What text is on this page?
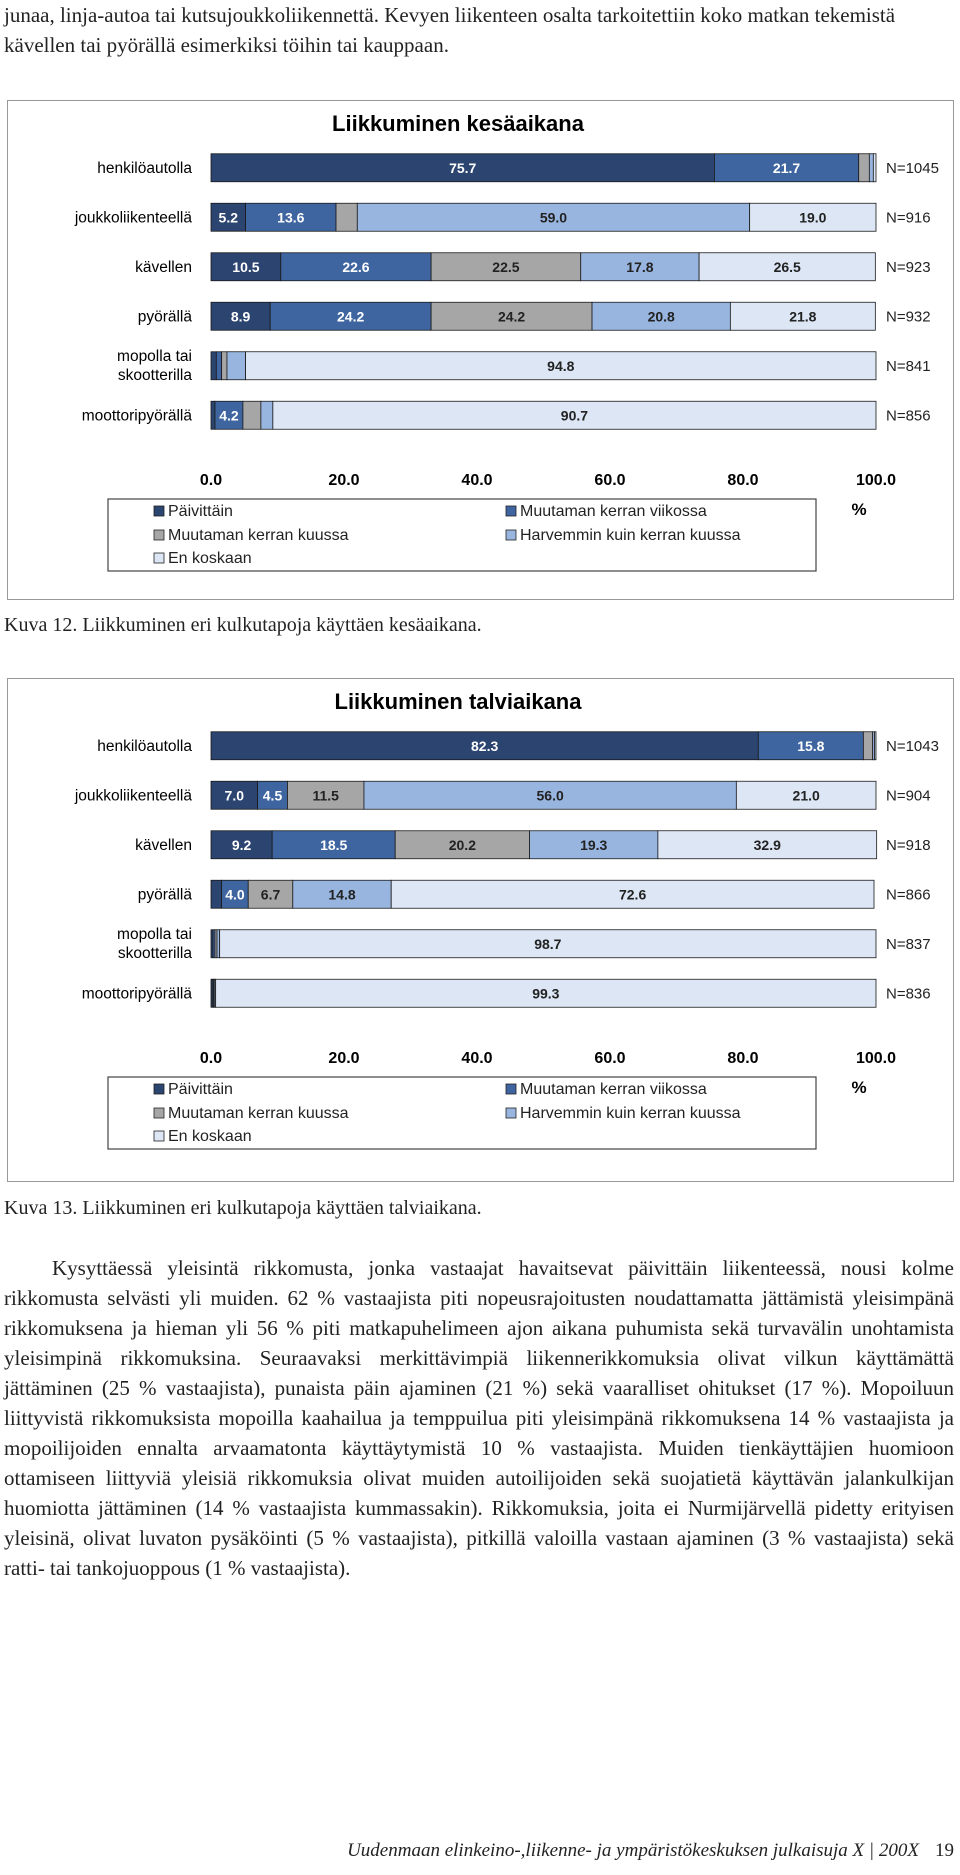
junaa, linja-autoa tai kutsujoukkoliikennettä. Kevyen liikenteen osalta tarkoitettiin koko matkan tekemistä kävellen tai pyörällä esimerkiksi töihin tai kauppaan.

Liikkuminen kesäaikana
henkilöautolla	75.7	21.7	N=1045
joukkoliikenteellä 5.2	13.6	59.0	19.0	N=916
kävellen	10.5	22.6	22.5	17.8	26.5	N=923
pyörällä	8.9	24.2	24.2	20.8	21.8	N=932
mopolla tai skootterilla
94.8	N=841
moottoripyörällä 4.2	90.7	N=856
0.0	20.0	40.0	60.0	80.0	100.0
%
Päivittäin	Muutaman kerran viikossa
Muutaman kerran kuussa	Harvemmin kuin kerran kuussa
En koskaan

Kuva 12. Liikkuminen eri kulkutapoja käyttäen kesäaikana.

Liikkuminen talviaikana
henkilöautolla	82.3	15.8	N=1043
joukkoliikenteellä 7.0 4.5 11.5	56.0	21.0	N=904
kävellen	9.2	18.5	20.2	19.3	32.9	N=918
pyörällä 4.0 6.7	14.8	72.6	N=866
mopolla tai skootterilla
98.7	N=837
moottoripyörällä	99.3	N=836
0.0	20.0	40.0	60.0	80.0	100.0
%
Päivittäin	Muutaman kerran viikossa
Muutaman kerran kuussa	Harvemmin kuin kerran kuussa
En koskaan

Kuva 13. Liikkuminen eri kulkutapoja käyttäen talviaikana.

Kysyttäessä yleisintä rikkomusta, jonka vastaajat havaitsevat päivittäin liikenteessä, nousi kolme rikkomusta selvästi yli muiden. 62 % vastaajista piti nopeusrajoitusten noudattamatta jättämistä yleisimpänä rikkomuksena ja hieman yli 56 % piti matkapuhelimeen ajon aikana puhumista sekä turvavälin unohtamista yleisimpinä rikkomuksina. Seuraavaksi merkittävimpiä liikennerikkomuksia olivat vilkun käyttämättä jättäminen (25 % vastaajista), punaista päin ajaminen (21 %) sekä vaaralliset ohitukset (17 %). Mopoiluun liittyvistä rikkomuksista mopoilla kaahailua ja temppuilua piti yleisimpänä rikkomuksena 14 % vastaajista ja mopoilijoiden ennalta arvaamatonta käyttäytymistä 10 % vastaajista. Muiden tienkäyttäjien huomioon ottamiseen liittyviä yleisiä rikkomuksia olivat muiden autoilijoiden sekä suojatietä käyttävän jalankulkijan huomiotta jättäminen (14 % vastaajista kummassakin). Rikkomuksia, joita ei Nurmijärvellä pidetty erityisen yleisinä, olivat luvaton pysäköinti (5 % vastaajista), pitkillä valoilla vastaan ajaminen (3 % vastaajista) sekä ratti- tai tankojuoppous (1 % vastaajista).

Uudenmaan elinkeino-,liikenne- ja ympäristökeskuksen julkaisuja X | 200X 19
